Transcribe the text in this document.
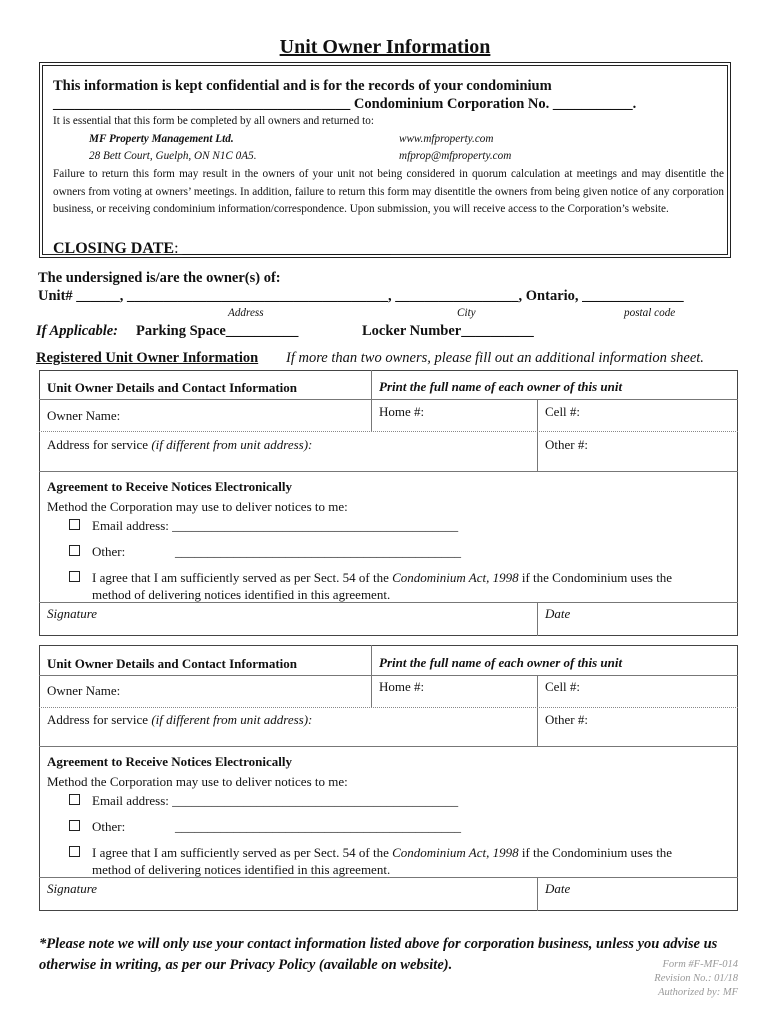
Unit Owner Information
This information is kept confidential and is for the records of your condominium
_________________________________________ Condominium Corporation No. ___________.
It is essential that this form be completed by all owners and returned to:
MF Property Management Ltd.
28 Bett Court, Guelph, ON N1C 0A5.
www.mfproperty.com
mfprop@mfproperty.com
Failure to return this form may result in the owners of your unit not being considered in quorum calculation at meetings and may disentitle the owners from voting at owners’ meetings. In addition, failure to return this form may disentitle the owners from being given notice of any corporation business, or receiving condominium information/correspondence. Upon submission, you will receive access to the Corporation’s website.
CLOSING DATE: __________________________
The undersigned is/are the owner(s) of:
Unit# ______, ____________________________________, _________________, Ontario, ______________
Address	City	postal code
If Applicable: Parking Space__________	Locker Number__________
Registered Unit Owner Information If more than two owners, please fill out an additional information sheet.
Unit Owner Details and Contact Information	Print the full name of each owner of this unit
Owner Name:	Home #:	Cell #:
Address for service (if different from unit address):	Other #:
Agreement to Receive Notices Electronically
Method the Corporation may use to deliver notices to me:
Email address: ____________________________________________
Other:	____________________________________________
I agree that I am sufficiently served as per Sect. 54 of the Condominium Act, 1998 if the Condominium uses the
method of delivering notices identified in this agreement.
Signature	Date
Unit Owner Details and Contact Information	Print the full name of each owner of this unit
Owner Name:	Home #:	Cell #:
Address for service (if different from unit address):	Other #:
Agreement to Receive Notices Electronically
Method the Corporation may use to deliver notices to me:
Email address: ____________________________________________
Other:	____________________________________________
I agree that I am sufficiently served as per Sect. 54 of the Condominium Act, 1998 if the Condominium uses the
method of delivering notices identified in this agreement.
Signature	Date
*Please note we will only use your contact information listed above for corporation business, unless you advise us otherwise in writing, as per our Privacy Policy (available on website).	Form #F-MF-014
Revision No.: 01/18
Authorized by: MF
